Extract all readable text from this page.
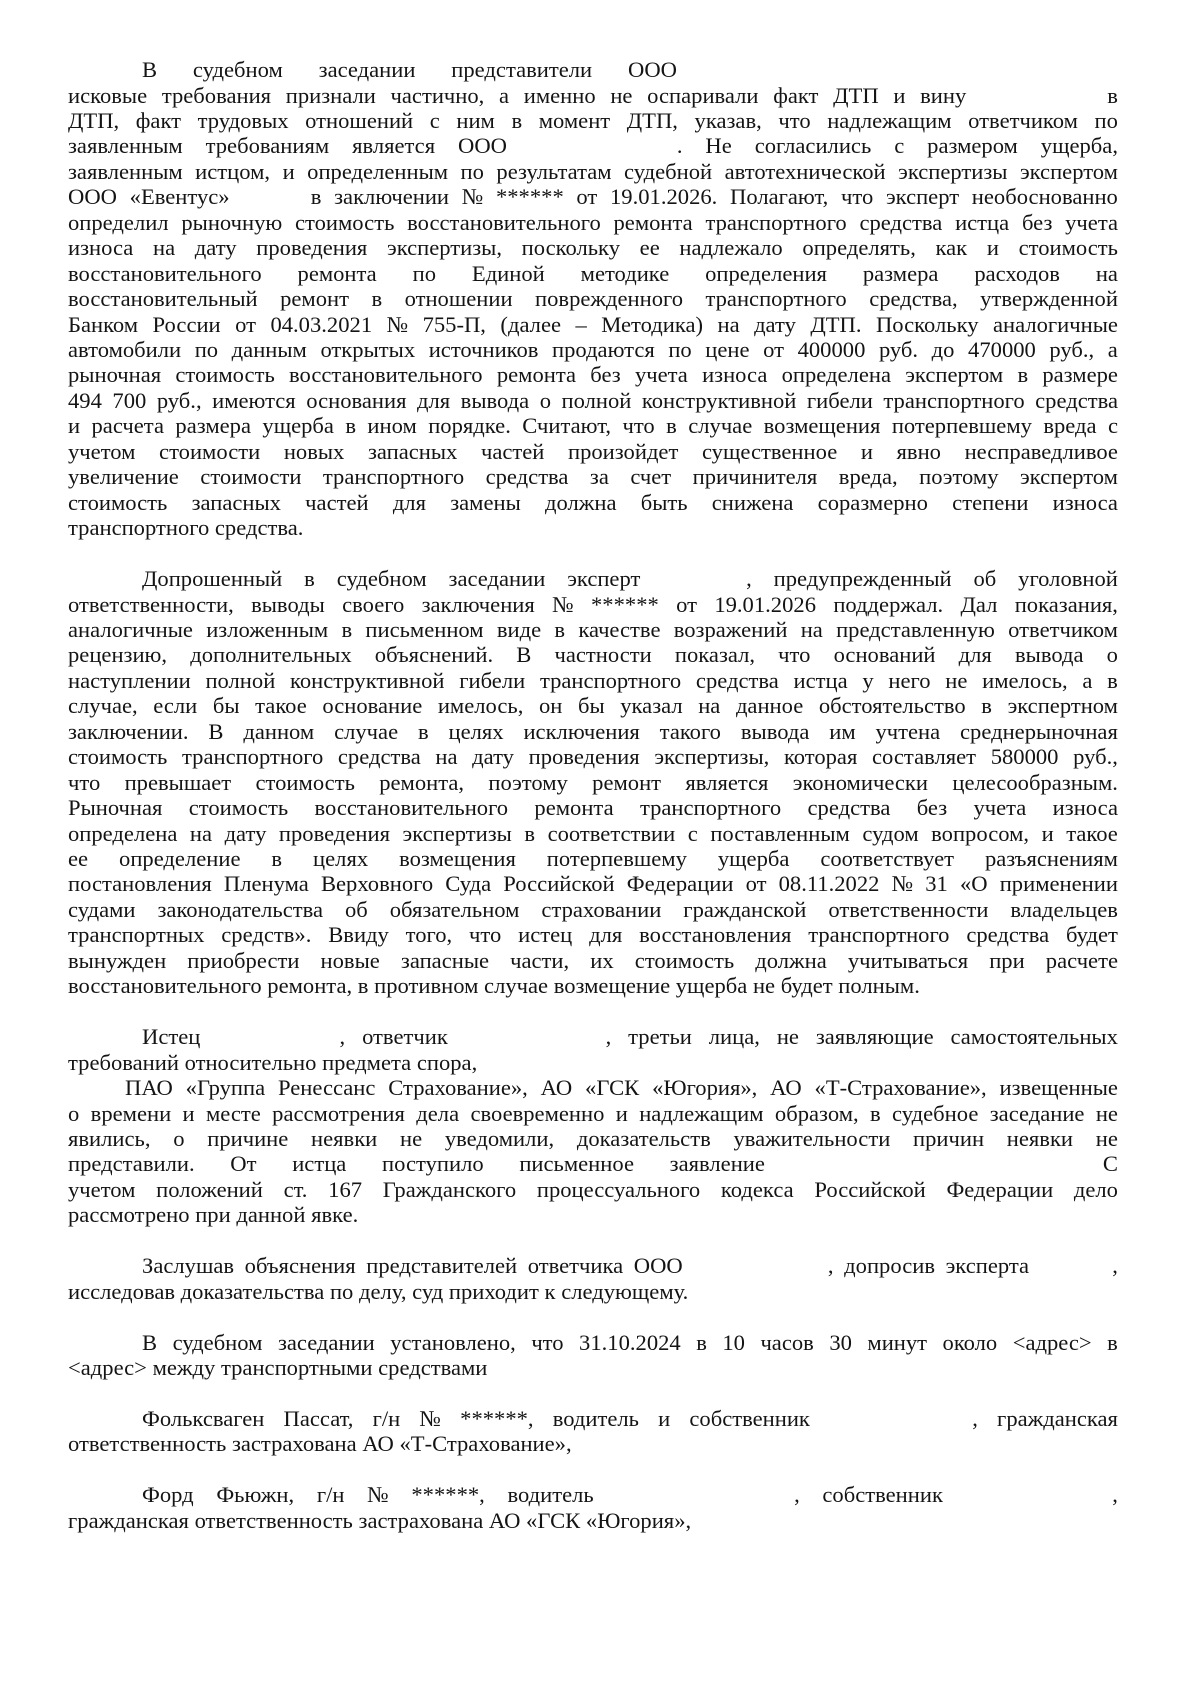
В судебном заседании представители ООО
исковые требования признали частично, а именно не оспаривали факт ДТП и вину	в
ДТП, факт трудовых отношений с ним в момент ДТП, указав, что надлежащим ответчиком по
заявленным требованиям является ООО	. Не согласились с размером ущерба,
заявленным истцом, и определенным по результатам судебной автотехнической экспертизы экспертом
ООО «Евентус»	в заключении № ****** от 19.01.2026. Полагают, что эксперт необоснованно
определил рыночную стоимость восстановительного ремонта транспортного средства истца без учета
износа на дату проведения экспертизы, поскольку ее надлежало определять, как и стоимость
восстановительного ремонта по Единой методике определения размера расходов на
восстановительный ремонт в отношении поврежденного транспортного средства, утвержденной
Банком России от 04.03.2021 № 755-П, (далее – Методика) на дату ДТП. Поскольку аналогичные
автомобили по данным открытых источников продаются по цене от 400000 руб. до 470000 руб., а
рыночная стоимость восстановительного ремонта без учета износа определена экспертом в размере
494 700 руб., имеются основания для вывода о полной конструктивной гибели транспортного средства
и расчета размера ущерба в ином порядке. Считают, что в случае возмещения потерпевшему вреда с
учетом стоимости новых запасных частей произойдет существенное и явно несправедливое
увеличение стоимости транспортного средства за счет причинителя вреда, поэтому экспертом
стоимость запасных частей для замены должна быть снижена соразмерно степени износа
транспортного средства.
Допрошенный в судебном заседании эксперт	, предупрежденный об уголовной
ответственности, выводы своего заключения № ****** от 19.01.2026 поддержал. Дал показания,
аналогичные изложенным в письменном виде в качестве возражений на представленную ответчиком
рецензию, дополнительных объяснений. В частности показал, что оснований для вывода о
наступлении полной конструктивной гибели транспортного средства истца у него не имелось, а в
случае, если бы такое основание имелось, он бы указал на данное обстоятельство в экспертном
заключении. В данном случае в целях исключения такого вывода им учтена среднерыночная
стоимость транспортного средства на дату проведения экспертизы, которая составляет 580000 руб.,
что превышает стоимость ремонта, поэтому ремонт является экономически целесообразным.
Рыночная стоимость восстановительного ремонта транспортного средства без учета износа
определена на дату проведения экспертизы в соответствии с поставленным судом вопросом, и такое
ее определение в целях возмещения потерпевшему ущерба соответствует разъяснениям
постановления Пленума Верховного Суда Российской Федерации от 08.11.2022 № 31 «О применении
судами законодательства об обязательном страховании гражданской ответственности владельцев
транспортных средств». Ввиду того, что истец для восстановления транспортного средства будет
вынужден приобрести новые запасные части, их стоимость должна учитываться при расчете
восстановительного ремонта, в противном случае возмещение ущерба не будет полным.
Истец	, ответчик	, третьи лица, не заявляющие самостоятельных
требований относительно предмета спора,
ПАО «Группа Ренессанс Страхование», АО «ГСК «Югория», АО «Т-Страхование», извещенные
о времени и месте рассмотрения дела своевременно и надлежащим образом, в судебное заседание не
явились, о причине неявки не уведомили, доказательств уважительности причин неявки не
представили. От истца поступило письменное заявление	С
учетом положений ст. 167 Гражданского процессуального кодекса Российской Федерации дело
рассмотрено при данной явке.
Заслушав объяснения представителей ответчика ООО	, допросив эксперта	,
исследовав доказательства по делу, суд приходит к следующему.
В судебном заседании установлено, что 31.10.2024 в 10 часов 30 минут около <адрес> в
<адрес> между транспортными средствами
Фольксваген Пассат, г/н № ******, водитель и собственник	, гражданская
ответственность застрахована АО «Т-Страхование»,
Форд Фьюжн, г/н № ******, водитель	, собственник	,
гражданская ответственность застрахована АО «ГСК «Югория»,
